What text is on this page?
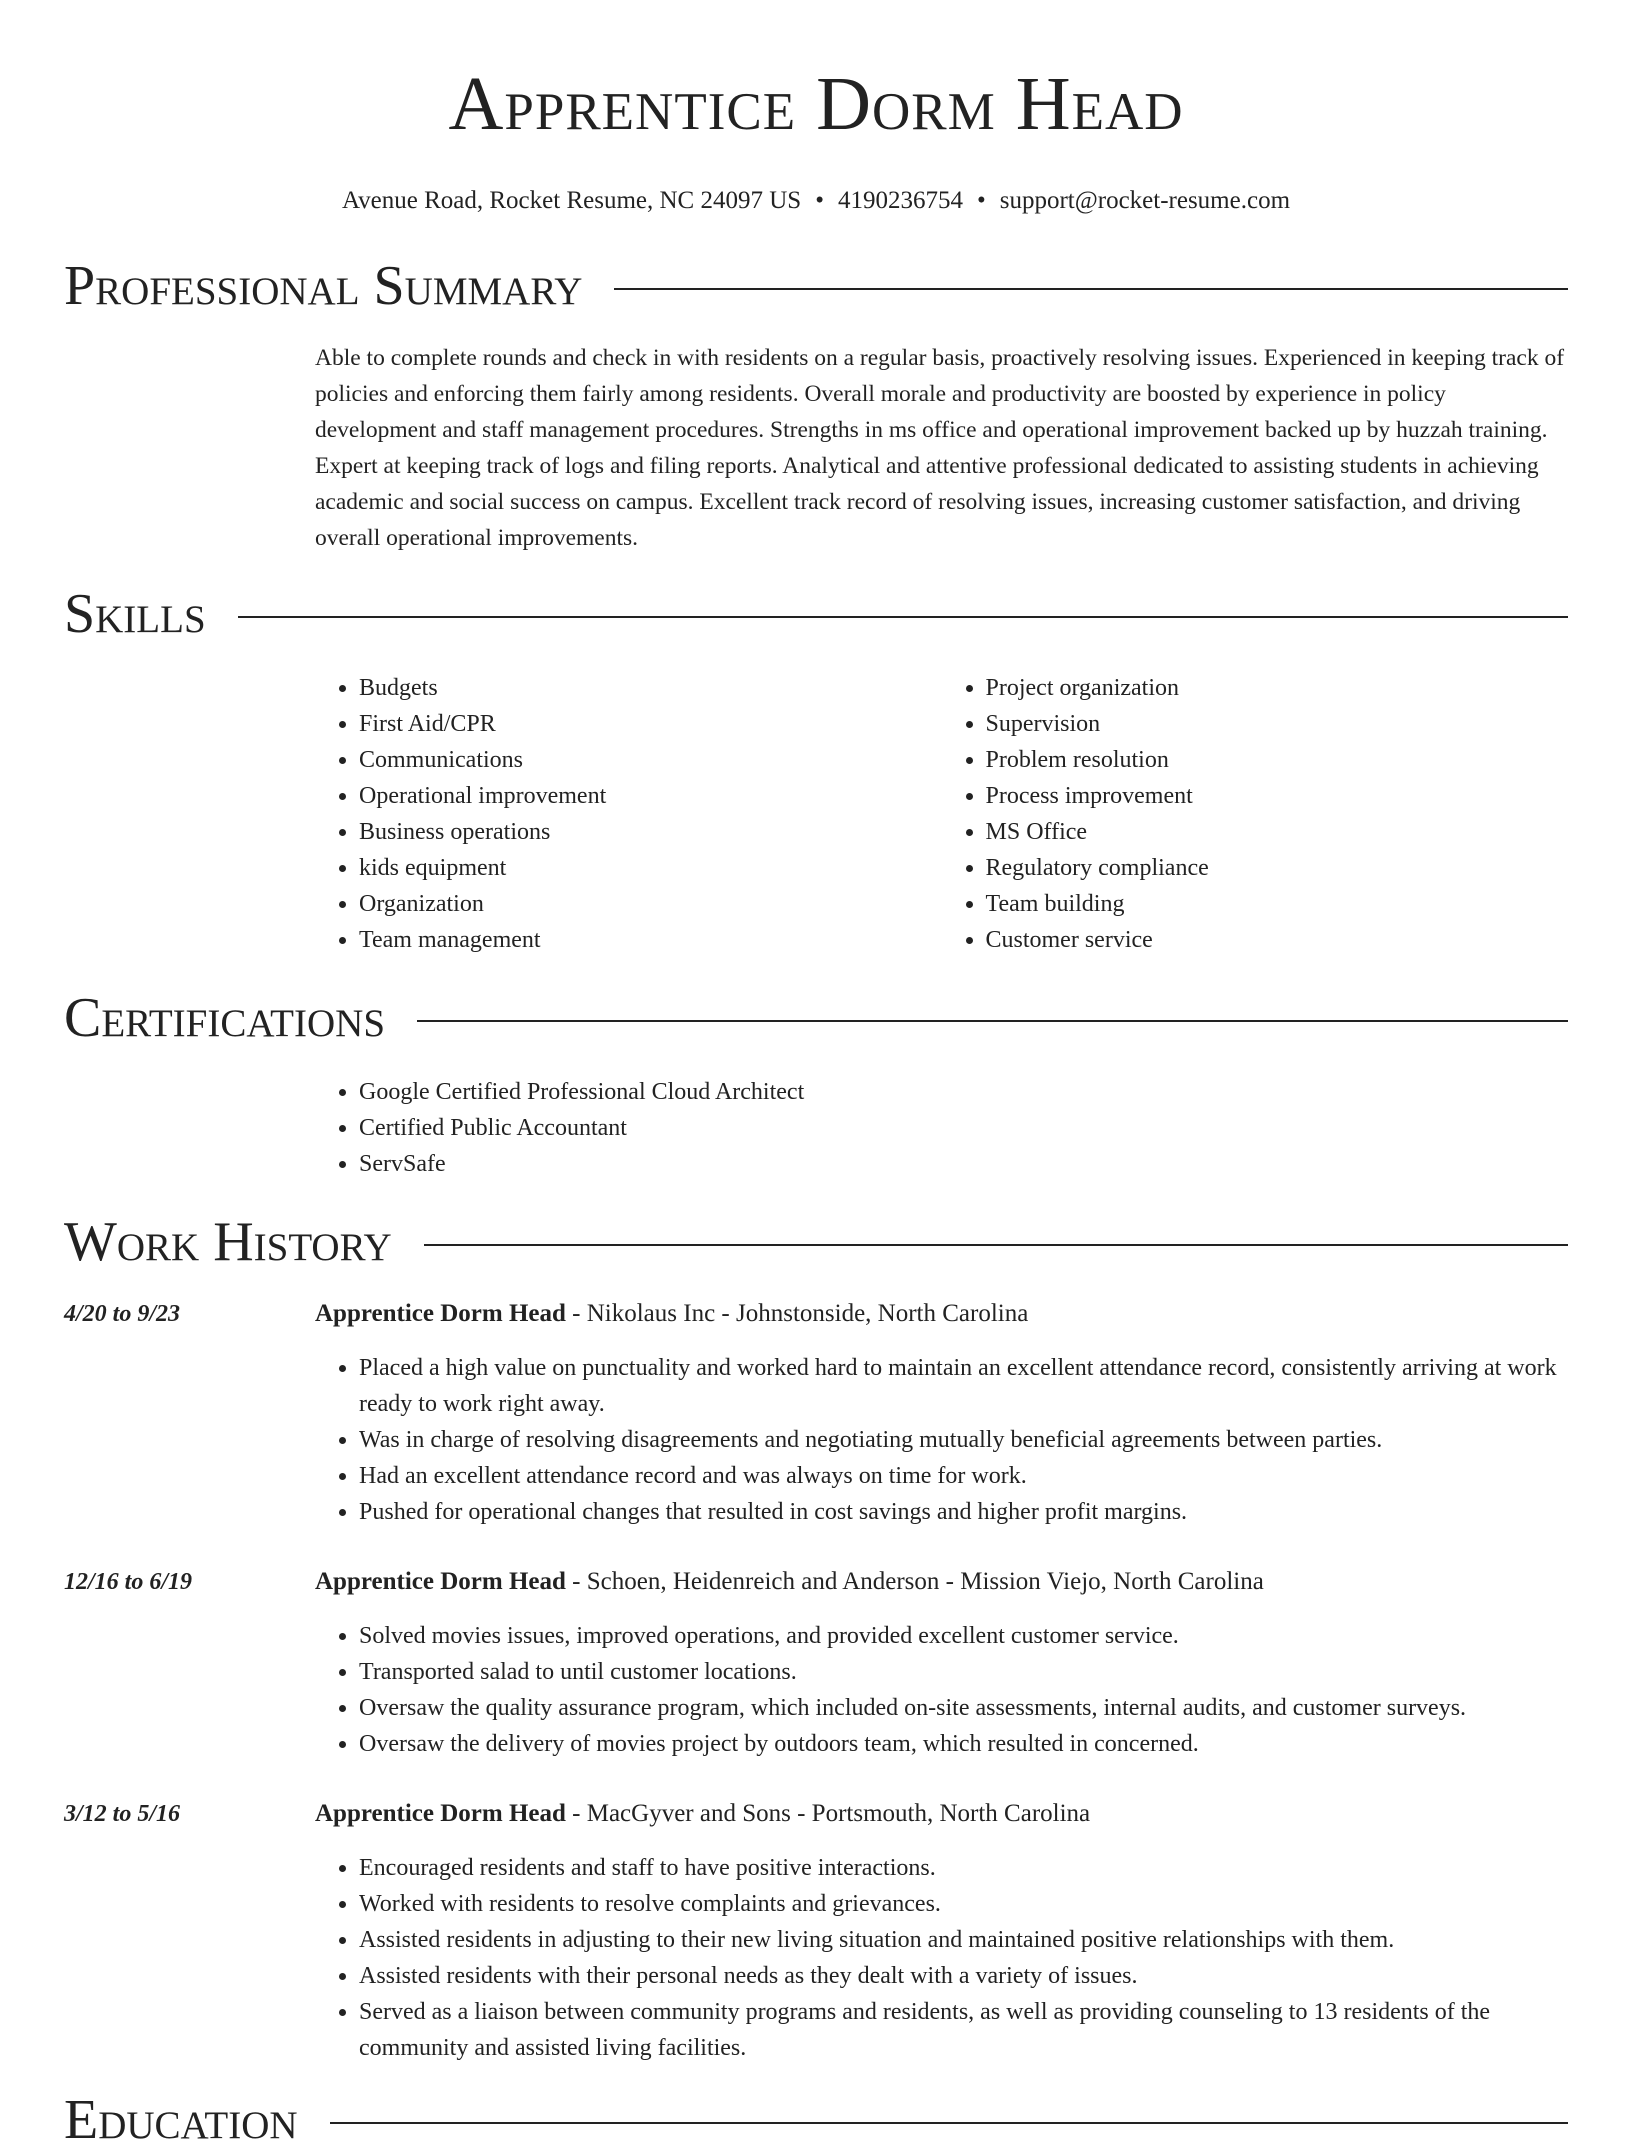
Apprentice Dorm Head
Avenue Road, Rocket Resume, NC 24097 US • 4190236754 • support@rocket-resume.com
Professional Summary

Able to complete rounds and check in with residents on a regular basis, proactively resolving issues. Experienced in keeping track of policies and enforcing them fairly among residents. Overall morale and productivity are boosted by experience in policy development and staff management procedures. Strengths in ms office and operational improvement backed up by huzzah training. Expert at keeping track of logs and filing reports. Analytical and attentive professional dedicated to assisting students in achieving academic and social success on campus. Excellent track record of resolving issues, increasing customer satisfaction, and driving overall operational improvements.

Skills
• Budgets
• First Aid/CPR
• Communications
• Operational improvement
• Business operations
• kids equipment
• Organization
• Team management
• Project organization
• Supervision
• Problem resolution
• Process improvement
• MS Office
• Regulatory compliance
• Team building
• Customer service
Certifications
• Google Certified Professional Cloud Architect
• Certified Public Accountant
• ServSafe
Work History
4/20 to 9/23	Apprentice Dorm Head - Nikolaus Inc - Johnstonside, North Carolina
• Placed a high value on punctuality and worked hard to maintain an excellent attendance record, consistently arriving at work ready to work right away.
• Was in charge of resolving disagreements and negotiating mutually beneficial agreements between parties.
• Had an excellent attendance record and was always on time for work.
• Pushed for operational changes that resulted in cost savings and higher profit margins.
12/16 to 6/19	Apprentice Dorm Head - Schoen, Heidenreich and Anderson - Mission Viejo, North Carolina
• Solved movies issues, improved operations, and provided excellent customer service.
• Transported salad to until customer locations.
• Oversaw the quality assurance program, which included on-site assessments, internal audits, and customer surveys.
• Oversaw the delivery of movies project by outdoors team, which resulted in concerned.
3/12 to 5/16	Apprentice Dorm Head - MacGyver and Sons - Portsmouth, North Carolina
• Encouraged residents and staff to have positive interactions.
• Worked with residents to resolve complaints and grievances.
• Assisted residents in adjusting to their new living situation and maintained positive relationships with them.
• Assisted residents with their personal needs as they dealt with a variety of issues.
• Served as a liaison between community programs and residents, as well as providing counseling to 13 residents of the community and assisted living facilities.
Education
